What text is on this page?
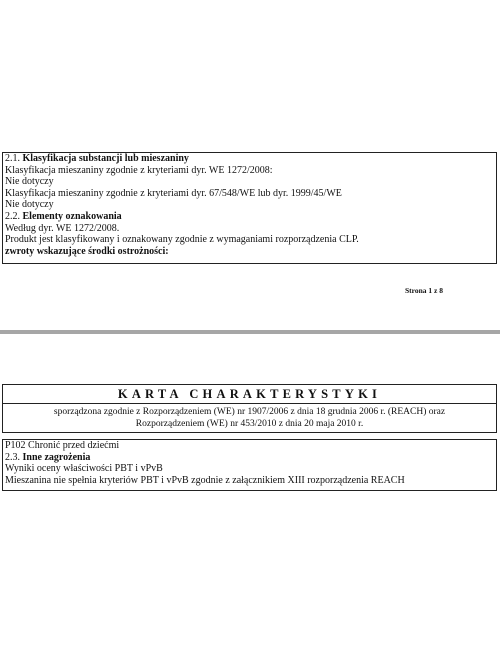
2.1. Klasyfikacja substancji lub mieszaniny
Klasyfikacja mieszaniny zgodnie z kryteriami dyr. WE 1272/2008:
Nie dotyczy
Klasyfikacja mieszaniny zgodnie z kryteriami dyr. 67/548/WE lub dyr. 1999/45/WE
Nie dotyczy
2.2. Elementy oznakowania
Według dyr. WE 1272/2008.
Produkt jest klasyfikowany i oznakowany zgodnie z wymaganiami rozporządzenia CLP.
zwroty wskazujące środki ostrożności:
Strona 1 z 8
KARTA CHARAKTERYSTYKI
sporządzona zgodnie z Rozporządzeniem (WE) nr 1907/2006 z dnia 18 grudnia 2006 r. (REACH) oraz
Rozporządzeniem (WE) nr 453/2010 z dnia 20 maja 2010 r.
P102 Chronić przed dziećmi
2.3. Inne zagrożenia
Wyniki oceny właściwości PBT i vPvB
Mieszanina nie spełnia kryteriów PBT i vPvB zgodnie z załącznikiem XIII rozporządzenia REACH
